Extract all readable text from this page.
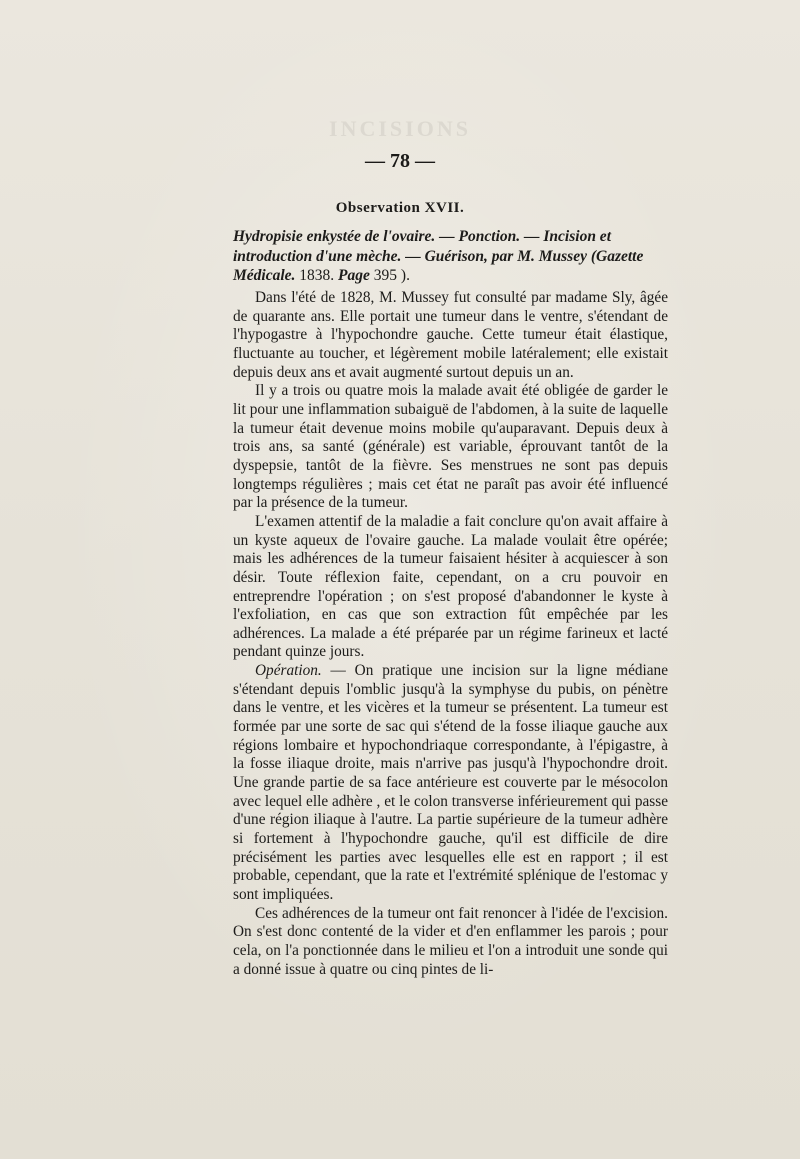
INCISIONS
— 78 —
Observation XVII.

Hydropisie enkystée de l'ovaire. — Ponction. — Incision et introduction d'une mèche. — Guérison, par M. Mussey (Gazette Médicale. 1838. Page 395 ).

Dans l'été de 1828, M. Mussey fut consulté par madame Sly, âgée de quarante ans. Elle portait une tumeur dans le ventre, s'étendant de l'hypogastre à l'hypochondre gauche. Cette tumeur était élastique, fluctuante au toucher, et légèrement mobile latéralement; elle existait depuis deux ans et avait augmenté surtout depuis un an.

Il y a trois ou quatre mois la malade avait été obligée de garder le lit pour une inflammation subaiguë de l'abdomen, à la suite de laquelle la tumeur était devenue moins mobile qu'auparavant. Depuis deux à trois ans, sa santé (générale) est variable, éprouvant tantôt de la dyspepsie, tantôt de la fièvre. Ses menstrues ne sont pas depuis longtemps régulières ; mais cet état ne paraît pas avoir été influencé par la présence de la tumeur.

L'examen attentif de la maladie a fait conclure qu'on avait affaire à un kyste aqueux de l'ovaire gauche. La malade voulait être opérée; mais les adhérences de la tumeur faisaient hésiter à acquiescer à son désir. Toute réflexion faite, cependant, on a cru pouvoir en entreprendre l'opération ; on s'est proposé d'abandonner le kyste à l'exfoliation, en cas que son extraction fût empêchée par les adhérences. La malade a été préparée par un régime farineux et lacté pendant quinze jours.

Opération. — On pratique une incision sur la ligne médiane s'étendant depuis l'omblic jusqu'à la symphyse du pubis, on pénètre dans le ventre, et les vicères et la tumeur se présentent. La tumeur est formée par une sorte de sac qui s'étend de la fosse iliaque gauche aux régions lombaire et hypochondriaque correspondante, à l'épigastre, à la fosse iliaque droite, mais n'arrive pas jusqu'à l'hypochondre droit. Une grande partie de sa face antérieure est couverte par le mésocolon avec lequel elle adhère , et le colon transverse inférieurement qui passe d'une région iliaque à l'autre. La partie supérieure de la tumeur adhère si fortement à l'hypochondre gauche, qu'il est difficile de dire précisément les parties avec lesquelles elle est en rapport ; il est probable, cependant, que la rate et l'extrémité splénique de l'estomac y sont impliquées.

Ces adhérences de la tumeur ont fait renoncer à l'idée de l'excision. On s'est donc contenté de la vider et d'en enflammer les parois ; pour cela, on l'a ponctionnée dans le milieu et l'on a introduit une sonde qui a donné issue à quatre ou cinq pintes de li-
